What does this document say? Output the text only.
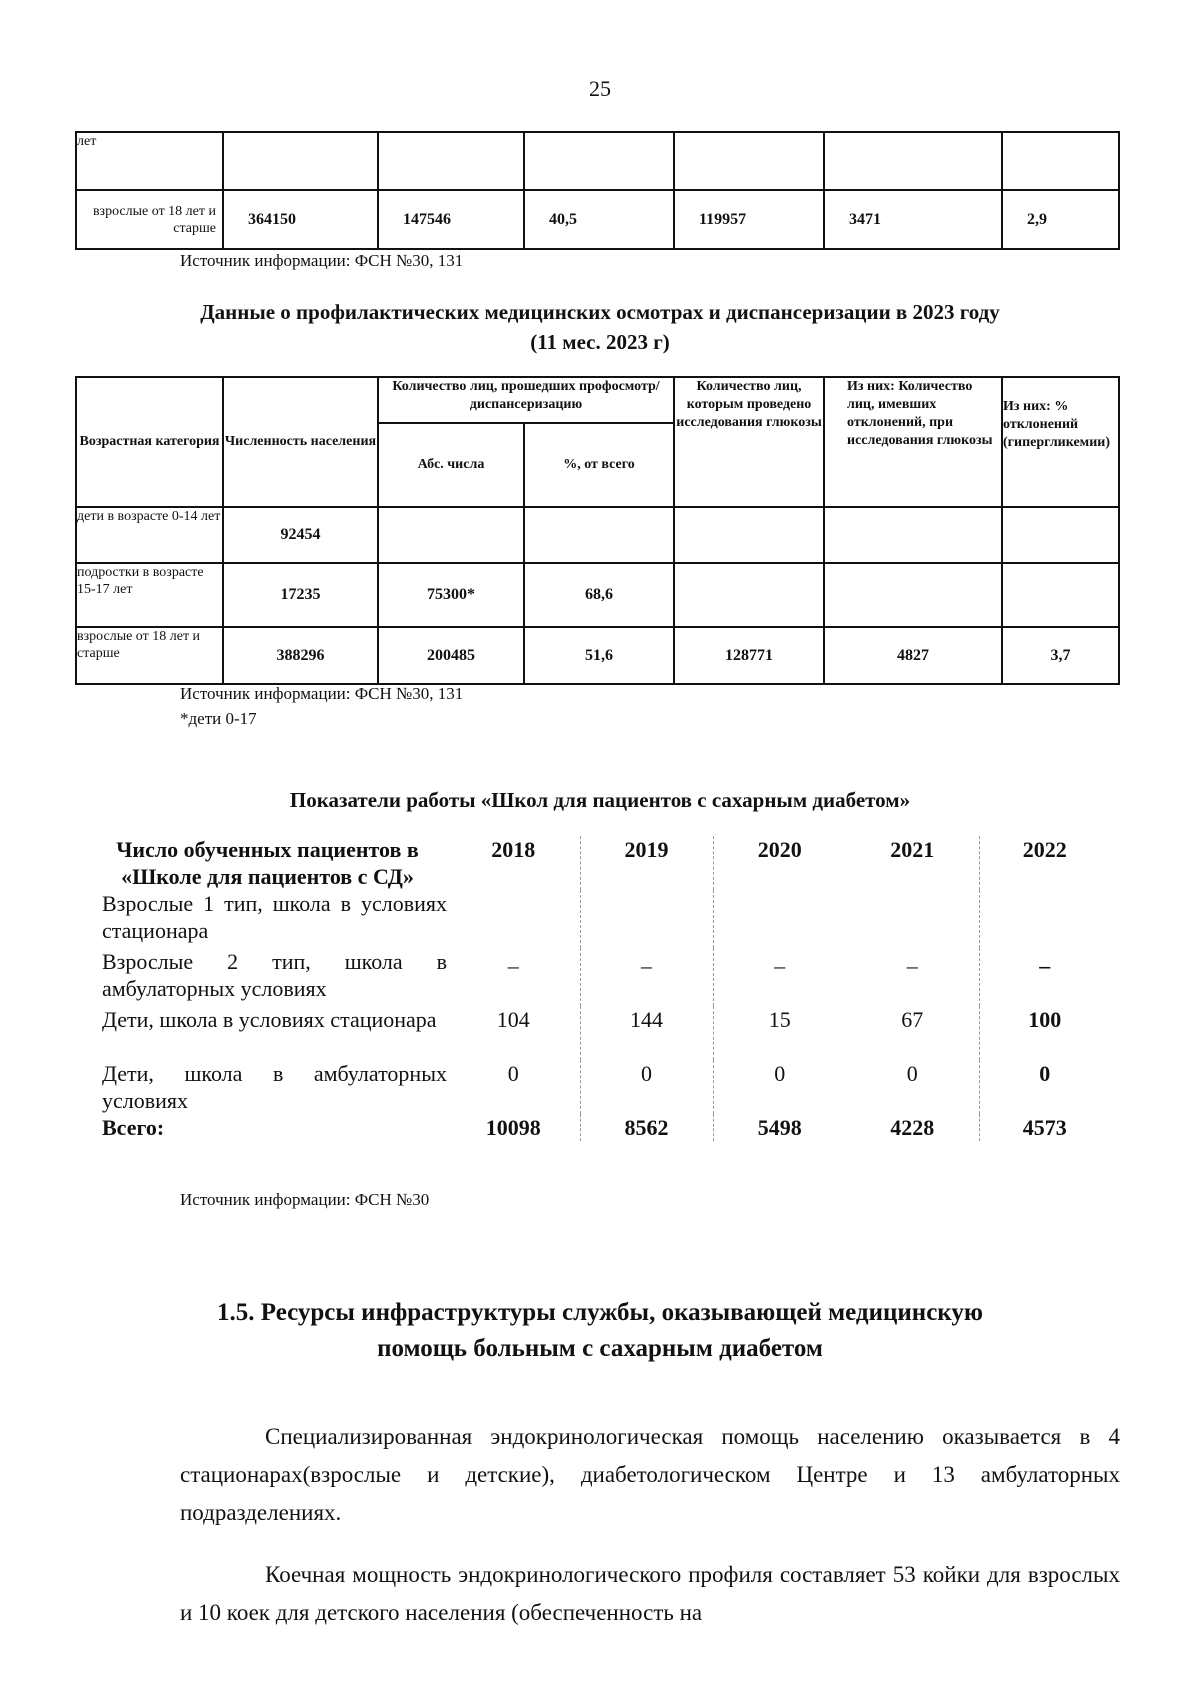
25
лет						
взрослые от 18 лет и старше	364150	147546	40,5	119957	3471	2,9
Источник информации: ФСН №30, 131
Данные о профилактических медицинских осмотрах и диспансеризации в 2023 году
(11 мес. 2023 г)
Возрастная категория	Численность населения	Количество лиц, прошедших профосмотр/диспансеризацию		Количество лиц, которым проведено исследования глюкозы	Из них: Количество лиц, имевших отклонений, при исследования глюкозы	Из них: % отклонений (гипергликемии)
		Абс. числа	%, от всего			
дети в возрасте 0-14 лет	92454					
подростки в возрасте 15-17 лет	17235	75300*	68,6			
взрослые от 18 лет и старше	388296	200485	51,6	128771	4827	3,7
Источник информации: ФСН №30, 131
*дети 0-17
Показатели работы «Школ для пациентов с сахарным диабетом»
Число обученных пациентов в «Школе для пациентов с СД»	2018	2019	2020	2021	2022
Взрослые 1 тип, школа в условиях стационара					
Взрослые 2 тип, школа в амбулаторных условиях	–	–	–	–	–
Дети, школа в условиях стационара	104	144	15	67	100
Дети, школа в амбулаторных условиях	0	0	0	0	0
Всего:	10098	8562	5498	4228	4573
Источник информации: ФСН №30
1.5. Ресурсы инфраструктуры службы, оказывающей медицинскую
помощь больным с сахарным диабетом
Специализированная эндокринологическая помощь населению оказывается в 4 стационарах(взрослые и детские), диабетологическом Центре и 13 амбулаторных подразделениях.
Коечная мощность эндокринологического профиля составляет 53 койки для взрослых и 10 коек для детского населения (обеспеченность на
